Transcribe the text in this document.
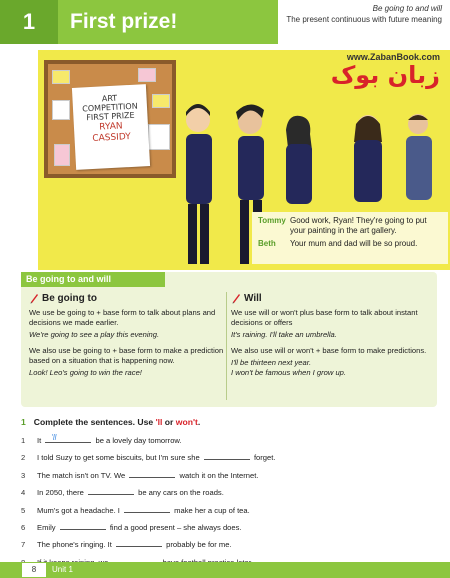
1	First prize!
Be going to and will
The present continuous with future meaning
ART
COMPETITION
FIRST PRIZE
RYAN
CASSIDY
www.ZabanBook.com
زبان بوک
Tommy Good work, Ryan! They're going to put your painting in the art gallery.
Beth	Your mum and dad will be so proud.
Be going to and will
Be going to
We use be going to + base form to talk about plans and decisions we made earlier.
We're going to see a play this evening.
We also use be going to + base form to make a prediction based on a situation that is happening now.
Look! Leo's going to win the race!
Will
We use will or won't plus base form to talk about instant decisions or offers
It's raining. I'll take an umbrella.
We also use will or won't + base form to make predictions.
I'll be thirteen next year.
I won't be famous when I grow up.
1 Complete the sentences. Use 'll or won't.
1	It 'll	be a lovely day tomorrow.
2	I told Suzy to get some biscuits, but I'm sure she	forget.
3	The match isn't on TV. We	watch it on the Internet.
4	In 2050, there	be any cars on the roads.
5	Mum's got a headache. I	make her a cup of tea.
6	Emily	find a good present – she always does.
7	The phone's ringing. It	probably be for me.
8	Unit 1
